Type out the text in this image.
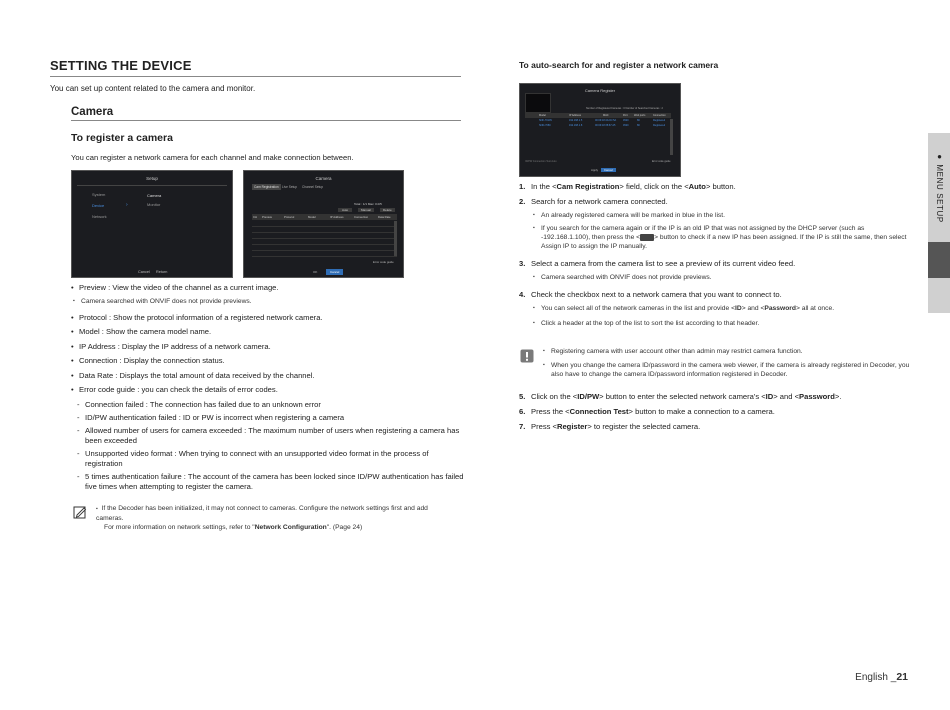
SETTING THE DEVICE
You can set up content related to the camera and monitor.
Camera
To register a camera
You can register a network camera for each channel and make connection between.
Setup
System
Device
Network
›
Camera
Monitor
Cancel Return
Camera
Cam Registration	Live Setup	Channel Setup
Total : 1/1 Max: 0.0/5
Auto	Manual	Delete
CH Preview	Protocol	Model	IP Address	Connection	Data Rate
Error code guide
OK	Cancel
• Preview : View the video of the channel as a current image.
▪ Camera searched with ONVIF does not provide previews.
• Protocol : Show the protocol information of a registered network camera.
• Model : Show the camera model name.
• IP Address : Display the IP address of a network camera.
• Connection : Display the connection status.
• Data Rate : Displays the total amount of data received by the channel.
• Error code guide : you can check the details of error codes.
- Connection failed : The connection has failed due to an unknown error
- ID/PW authentication failed : ID or PW is incorrect when registering a camera
- Allowed number of users for camera exceeded : The maximum number of users when registering a camera has been exceeded
- Unsupported video format : When trying to connect with an unsupported video format in the process of registration
- 5 times authentication failure : The account of the camera has been locked since ID/PW authentication has failed five times when attempting to register the camera.
▪ If the Decoder has been initialized, it may not connect to cameras. Configure the network settings first and add cameras.
For more information on network settings, refer to "Network Configuration". (Page 24)
To auto-search for and register a network camera
Camera Register
Number of Registered Cameras : 0 Number of Searched Cameras : 2
Model	IP Address	MAC	Port	Web ports	Connection
SNF-7010V	192.168.1.5	00:09:18:4A:0C:5A	4520	80	Registered
SND-7080	192.168.1.8	00:09:18:38:67:A5	4520	80	Registered
ID/PW Connection Test Auto	Error code guide
Apply	Cancel
1. In the <Cam Registration> field, click on the <Auto> button.
2. Search for a network camera connected.
▪ An already registered camera will be marked in blue in the list.
▪ If you search for the camera again or if the IP is an old IP that was not assigned by the DHCP server (such as -192.168.1.100), then press the < > button to check if a new IP has been assigned. If the IP is still the same, then select Assign IP to assign the IP manually.
3. Select a camera from the camera list to see a preview of its current video feed.
▪ Camera searched with ONVIF does not provide previews.
4. Check the checkbox next to a network camera that you want to connect to.
▪ You can select all of the network cameras in the list and provide <ID> and <Password> all at once.
▪ Click a header at the top of the list to sort the list according to that header.
▪ Registering camera with user account other than admin may restrict camera function.
▪ When you change the camera ID/password in the camera web viewer, if the camera is already registered in Decoder, you also have to change the camera ID/password information registered in Decoder.
5. Click on the <ID/PW> button to enter the selected network camera's <ID> and <Password>.
6. Press the <Connection Test> button to make a connection to a camera.
7. Press <Register> to register the selected camera.
● MENU SETUP
English _21
